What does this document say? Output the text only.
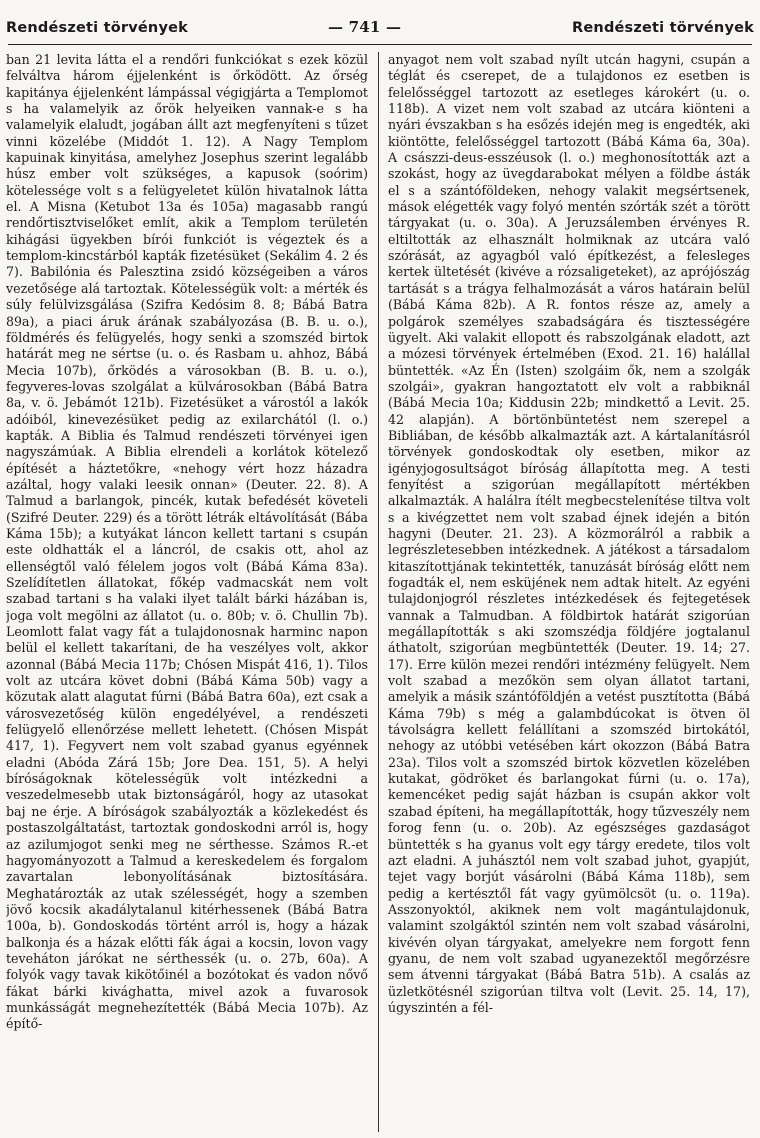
Rendészeti törvények	— 741 —	Rendészeti törvények

ban 21 levita látta el a rendőri funkciókat s ezek közül felváltva három éjjelenként is őrködött. Az őrség kapitánya éjjelenként lámpással végigjárta a Templomot s ha valamelyik az őrök helyeiken vannak-e s ha valamelyik elaludt, jogában állt azt megfenyíteni s tűzet vinni közelébe (Middót 1. 12). A Nagy Templom kapuinak kinyitása, amelyhez Josephus szerint legalább húsz ember volt szükséges, a kapusok (soórim) kötelessége volt s a felügyeletet külön hivatalnok látta el. A Misna (Ketubot 13a és 105a) magasabb rangú rendőrtisztviselőket említ, akik a Templom területén kihágási ügyekben bírói funkciót is végeztek és a templom-kincstárból kapták fizetésüket (Sekálim 4. 2 és 7). Babilónia és Palesztina zsidó községeiben a város vezetősége alá tartoztak. Kötelességük volt: a mérték és súly felülvizsgálása (Szifra Kedósim 8. 8; Bábá Batra 89a), a piaci áruk árának szabályozása (B. B. u. o.), földmérés és felügyelés, hogy senki a szomszéd birtok határát meg ne sértse (u. o. és Rasbam u. ahhoz, Bábá Mecia 107b), őrködés a városokban (B. B. u. o.), fegyveres-lovas szolgálat a külvárosokban (Bábá Batra 8a, v. ö. Jebámót 121b). Fizetésüket a várostól a lakók adóiból, kinevezésüket pedig az exilarchától (l. o.) kapták. A Biblia és Talmud rendészeti törvényei igen nagyszámúak. A Biblia elrendeli a korlátok kötelező építését a háztetőkre, «nehogy vért hozz házadra azáltal, hogy valaki leesik onnan» (Deuter. 22. 8). A Talmud a barlangok, pincék, kutak befedését követeli (Szifré Deuter. 229) és a törött létrák eltávolítását (Bába Káma 15b); a kutyákat láncon kellett tartani s csupán este oldhatták el a láncról, de csakis ott, ahol az ellenségtől való félelem jogos volt (Bábá Káma 83a). Szelídítetlen állatokat, főkép vadmacskát nem volt szabad tartani s ha valaki ilyet talált bárki házában is, joga volt megölni az állatot (u. o. 80b; v. ö. Chullin 7b). Leomlott falat vagy fát a tulajdonosnak harminc napon belül el kellett takarítani, de ha veszélyes volt, akkor azonnal (Bábá Mecia 117b; Chósen Mispát 416, 1). Tilos volt az utcára követ dobni (Bábá Káma 50b) vagy a közutak alatt alagutat fúrni (Bábá Batra 60a), ezt csak a városvezetőség külön engedélyével, a rendészeti felügyelő ellenőrzése mellett lehetett. (Chósen Mispát 417, 1). Fegyvert nem volt szabad gyanus egyénnek eladni (Abóda Zárá 15b; Jore Dea. 151, 5). A helyi bíróságoknak kötelességük volt intézkedni a veszedelmesebb utak biztonságáról, hogy az utasokat baj ne érje. A bíróságok szabályozták a közlekedést és postaszolgáltatást, tartoztak gondoskodni arról is, hogy az azilumjogot senki meg ne sérthesse. Számos R.-et hagyományozott a Talmud a kereskedelem és forgalom zavartalan lebonyolításának biztosítására. Meghatározták az utak szélességét, hogy a szemben jövő kocsik akadálytalanul kitérhessenek (Bábá Batra 100a, b). Gondoskodás történt arról is, hogy a házak balkonja és a házak előtti fák ágai a kocsin, lovon vagy teveháton járókat ne sérthessék (u. o. 27b, 60a). A folyók vagy tavak kikötőinél a bozótokat és vadon nővő fákat bárki kivághatta, mivel azok a fuvarosok munkásságát megnehezítették (Bábá Mecia 107b). Az építő-

anyagot nem volt szabad nyílt utcán hagyni, csupán a téglát és cserepet, de a tulajdonos ez esetben is felelősséggel tartozott az esetleges károkért (u. o. 118b). A vizet nem volt szabad az utcára kiönteni a nyári évszakban s ha esőzés idején meg is engedték, aki kiöntötte, felelősséggel tartozott (Bábá Káma 6a, 30a). A császzi-deus-esszéusok (l. o.) meghonosították azt a szokást, hogy az üvegdarabokat mélyen a földbe ásták el s a szántóföldeken, nehogy valakit megsértsenek, mások elégették vagy folyó mentén szórták szét a törött tárgyakat (u. o. 30a). A Jeruzsálemben érvényes R. eltiltották az elhasznált holmiknak az utcára való szórását, az agyagból való építkezést, a felesleges kertek ültetését (kivéve a rózsaligeteket), az aprójószág tartását s a trágya felhalmozását a város határain belül (Bábá Káma 82b). A R. fontos része az, amely a polgárok személyes szabadságára és tisztességére ügyelt. Aki valakit ellopott és rabszolgának eladott, azt a mózesi törvények értelmében (Exod. 21. 16) halállal büntették. «Az Én (Isten) szolgáim ők, nem a szolgák szolgái», gyakran hangoztatott elv volt a rabbiknál (Bábá Mecia 10a; Kiddusin 22b; mindkettő a Levit. 25. 42 alapján). A börtönbüntetést nem szerepel a Bibliában, de később alkalmazták azt. A kártalanításról törvények gondoskodtak oly esetben, mikor az igényjogosultságot bíróság állapította meg. A testi fenyítést a szigorúan megállapított mértékben alkalmazták. A halálra ítélt megbecstelenítése tiltva volt s a kivégzettet nem volt szabad éjnek idején a bitón hagyni (Deuter. 21. 23). A közmorálról a rabbik a legrészletesebben intézkednek. A játékost a társadalom kitaszítottjának tekintették, tanuzását bíróság előtt nem fogadták el, nem esküjének nem adtak hitelt. Az egyéni tulajdonjogról részletes intézkedések és fejtegetések vannak a Talmudban. A földbirtok határát szigorúan megállapították s aki szomszédja földjére jogtalanul áthatolt, szigorúan megbüntették (Deuter. 19. 14; 27. 17). Erre külön mezei rendőri intézmény felügyelt. Nem volt szabad a mezőkön sem olyan állatot tartani, amelyik a másik szántóföldjén a vetést pusztította (Bábá Káma 79b) s még a galambdúcokat is ötven öl távolságra kellett felállítani a szomszéd birtokától, nehogy az utóbbi vetésében kárt okozzon (Bábá Batra 23a). Tilos volt a szomszéd birtok közvetlen közelében kutakat, gödröket és barlangokat fúrni (u. o. 17a), kemencéket pedig saját házban is csupán akkor volt szabad építeni, ha megállapították, hogy tűzveszély nem forog fenn (u. o. 20b). Az egészséges gazdaságot büntették s ha gyanus volt egy tárgy eredete, tilos volt azt eladni. A juhásztól nem volt szabad juhot, gyapjút, tejet vagy borjút vásárolni (Bábá Káma 118b), sem pedig a kertésztől fát vagy gyümölcsöt (u. o. 119a). Asszonyoktól, akiknek nem volt magántulajdonuk, valamint szolgáktól szintén nem volt szabad vásárolni, kivévén olyan tárgyakat, amelyekre nem forgott fenn gyanu, de nem volt szabad ugyanezektől megőrzésre sem átvenni tárgyakat (Bábá Batra 51b). A csalás az üzletkötésnél szigorúan tiltva volt (Levit. 25. 14, 17), úgyszintén a fél-
